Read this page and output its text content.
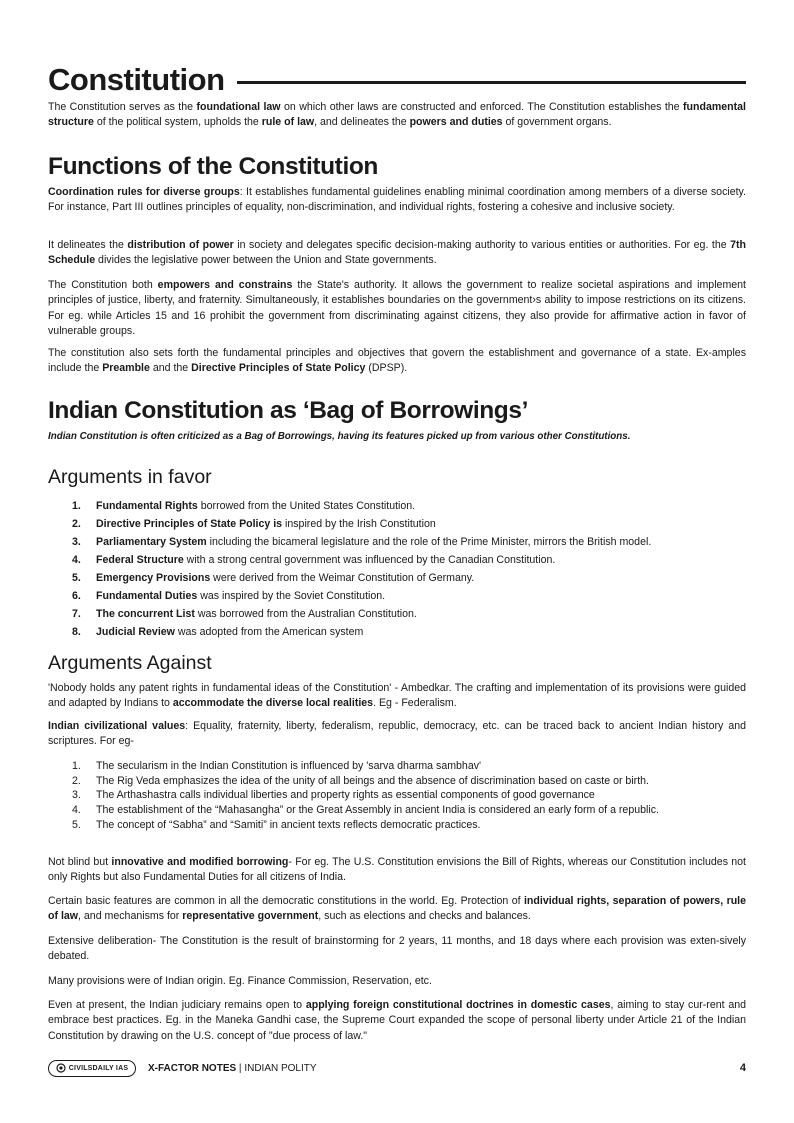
Constitution

The Constitution serves as the foundational law on which other laws are constructed and enforced. The Constitution establishes the fundamental structure of the political system, upholds the rule of law, and delineates the powers and duties of government organs.

Functions of the Constitution

Coordination rules for diverse groups: It establishes fundamental guidelines enabling minimal coordination among members of a diverse society. For instance, Part III outlines principles of equality, non-discrimination, and individual rights, fostering a cohesive and inclusive society.

It delineates the distribution of power in society and delegates specific decision-making authority to various entities or authorities. For eg. the 7th Schedule divides the legislative power between the Union and State governments.

The Constitution both empowers and constrains the State's authority. It allows the government to realize societal aspirations and implement principles of justice, liberty, and fraternity. Simultaneously, it establishes boundaries on the government›s ability to impose restrictions on its citizens. For eg. while Articles 15 and 16 prohibit the government from discriminating against citizens, they also provide for affirmative action in favor of vulnerable groups.

The constitution also sets forth the fundamental principles and objectives that govern the establishment and governance of a state. Ex-amples include the Preamble and the Directive Principles of State Policy (DPSP).

Indian Constitution as ‘Bag of Borrowings’

Indian Constitution is often criticized as a Bag of Borrowings, having its features picked up from various other Constitutions.

Arguments in favor
1. Fundamental Rights borrowed from the United States Constitution.
2. Directive Principles of State Policy is inspired by the Irish Constitution
3. Parliamentary System including the bicameral legislature and the role of the Prime Minister, mirrors the British model.
4. Federal Structure with a strong central government was influenced by the Canadian Constitution.
5. Emergency Provisions were derived from the Weimar Constitution of Germany.
6. Fundamental Duties was inspired by the Soviet Constitution.
7. The concurrent List was borrowed from the Australian Constitution.
8. Judicial Review was adopted from the American system
Arguments Against

'Nobody holds any patent rights in fundamental ideas of the Constitution' - Ambedkar. The crafting and implementation of its provisions were guided and adapted by Indians to accommodate the diverse local realities. Eg - Federalism.

Indian civilizational values: Equality, fraternity, liberty, federalism, republic, democracy, etc. can be traced back to ancient Indian history and scriptures. For eg-

1. The secularism in the Indian Constitution is influenced by 'sarva dharma sambhav'
2. The Rig Veda emphasizes the idea of the unity of all beings and the absence of discrimination based on caste or birth.
3. The Arthashastra calls individual liberties and property rights as essential components of good governance
4. The establishment of the “Mahasangha” or the Great Assembly in ancient India is considered an early form of a republic.
5. The concept of “Sabha” and “Samiti” in ancient texts reflects democratic practices.

Not blind but innovative and modified borrowing- For eg. The U.S. Constitution envisions the Bill of Rights, whereas our Constitution includes not only Rights but also Fundamental Duties for all citizens of India.

Certain basic features are common in all the democratic constitutions in the world. Eg. Protection of individual rights, separation of powers, rule of law, and mechanisms for representative government, such as elections and checks and balances.

Extensive deliberation- The Constitution is the result of brainstorming for 2 years, 11 months, and 18 days where each provision was exten-sively debated.

Many provisions were of Indian origin. Eg. Finance Commission, Reservation, etc.

Even at present, the Indian judiciary remains open to applying foreign constitutional doctrines in domestic cases, aiming to stay cur-rent and embrace best practices. Eg. in the Maneka Gandhi case, the Supreme Court expanded the scope of personal liberty under Article 21 of the Indian Constitution by drawing on the U.S. concept of "due process of law."

CIVILSDAILY IAS X-FACTOR NOTES | INDIAN POLITY	4
